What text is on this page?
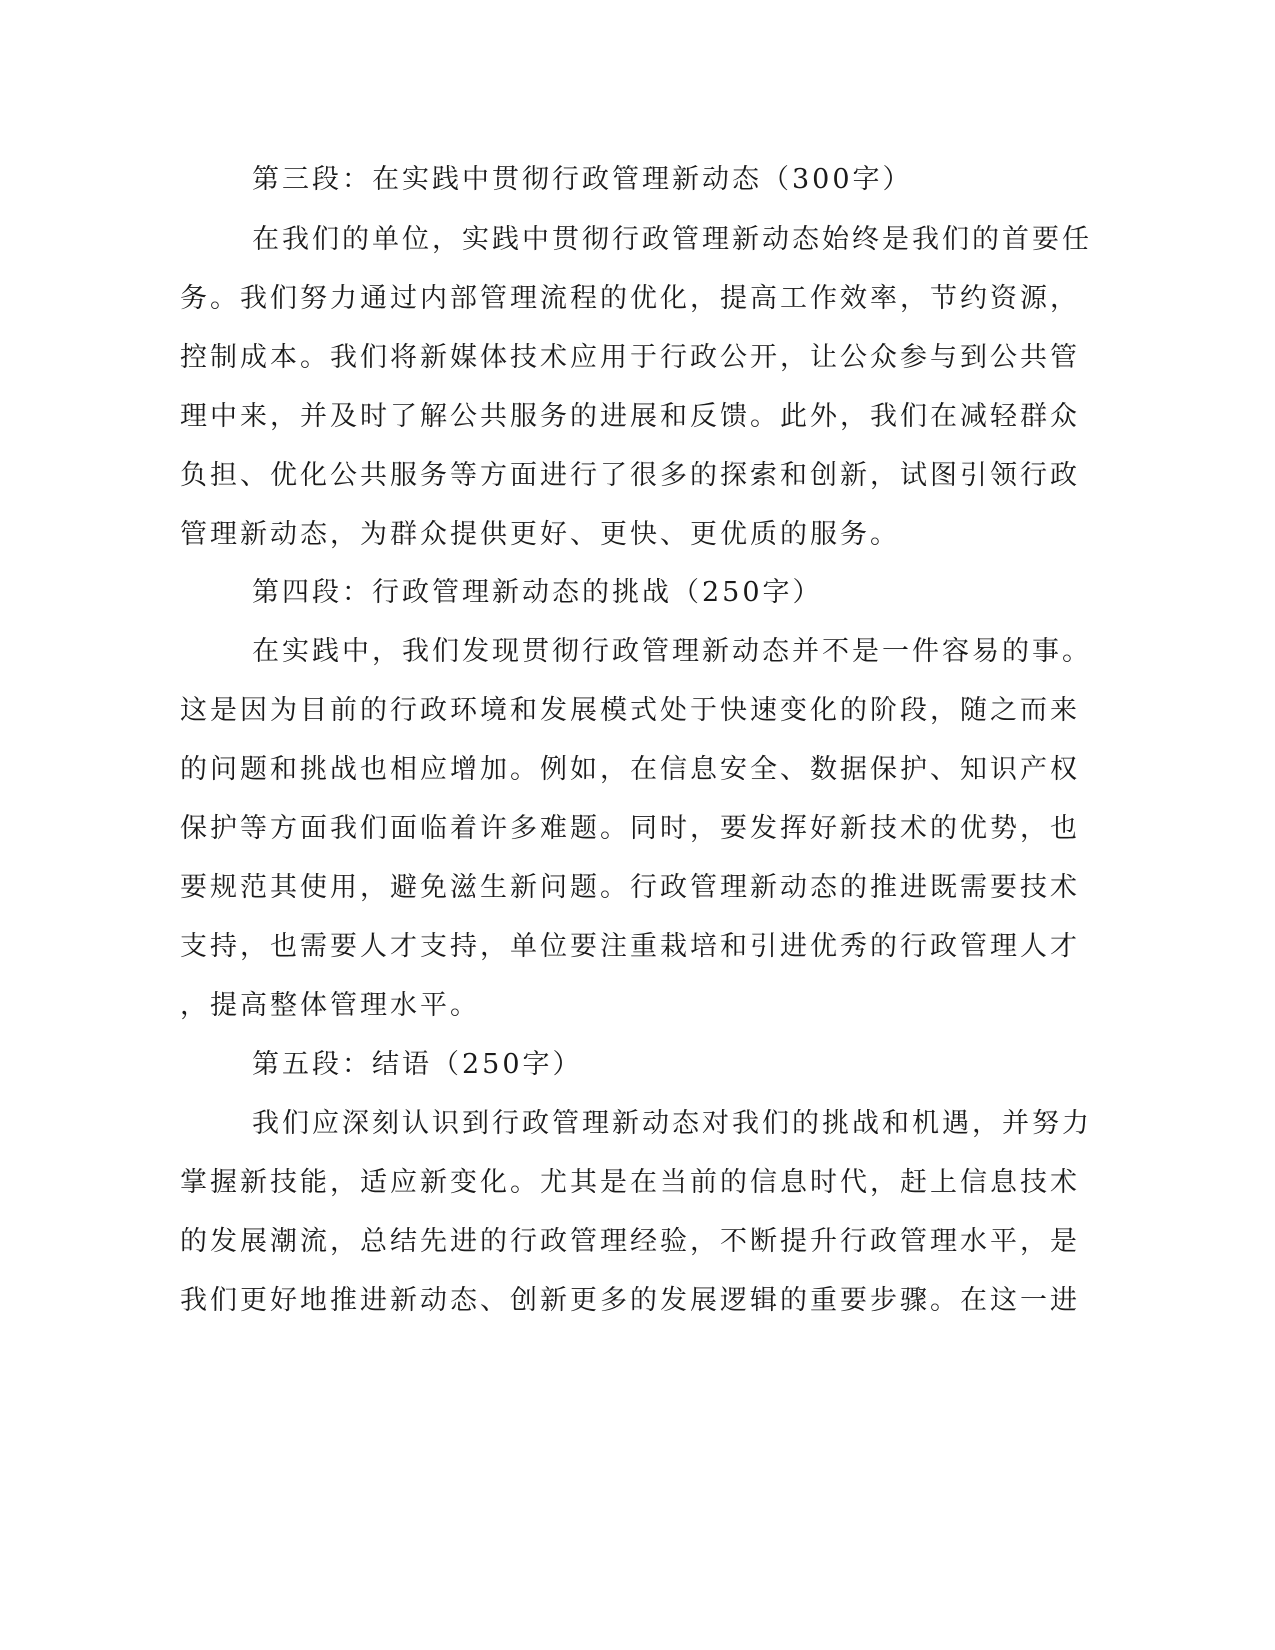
第三段：在实践中贯彻行政管理新动态（300字）
在我们的单位，实践中贯彻行政管理新动态始终是我们的首要任
务。我们努力通过内部管理流程的优化，提高工作效率，节约资源，
控制成本。我们将新媒体技术应用于行政公开，让公众参与到公共管
理中来，并及时了解公共服务的进展和反馈。此外，我们在减轻群众
负担、优化公共服务等方面进行了很多的探索和创新，试图引领行政
管理新动态，为群众提供更好、更快、更优质的服务。
第四段：行政管理新动态的挑战（250字）
在实践中，我们发现贯彻行政管理新动态并不是一件容易的事。
这是因为目前的行政环境和发展模式处于快速变化的阶段，随之而来
的问题和挑战也相应增加。例如，在信息安全、数据保护、知识产权
保护等方面我们面临着许多难题。同时，要发挥好新技术的优势，也
要规范其使用，避免滋生新问题。行政管理新动态的推进既需要技术
支持，也需要人才支持，单位要注重栽培和引进优秀的行政管理人才
，提高整体管理水平。
第五段：结语（250字）
我们应深刻认识到行政管理新动态对我们的挑战和机遇，并努力
掌握新技能，适应新变化。尤其是在当前的信息时代，赶上信息技术
的发展潮流，总结先进的行政管理经验，不断提升行政管理水平，是
我们更好地推进新动态、创新更多的发展逻辑的重要步骤。在这一进
